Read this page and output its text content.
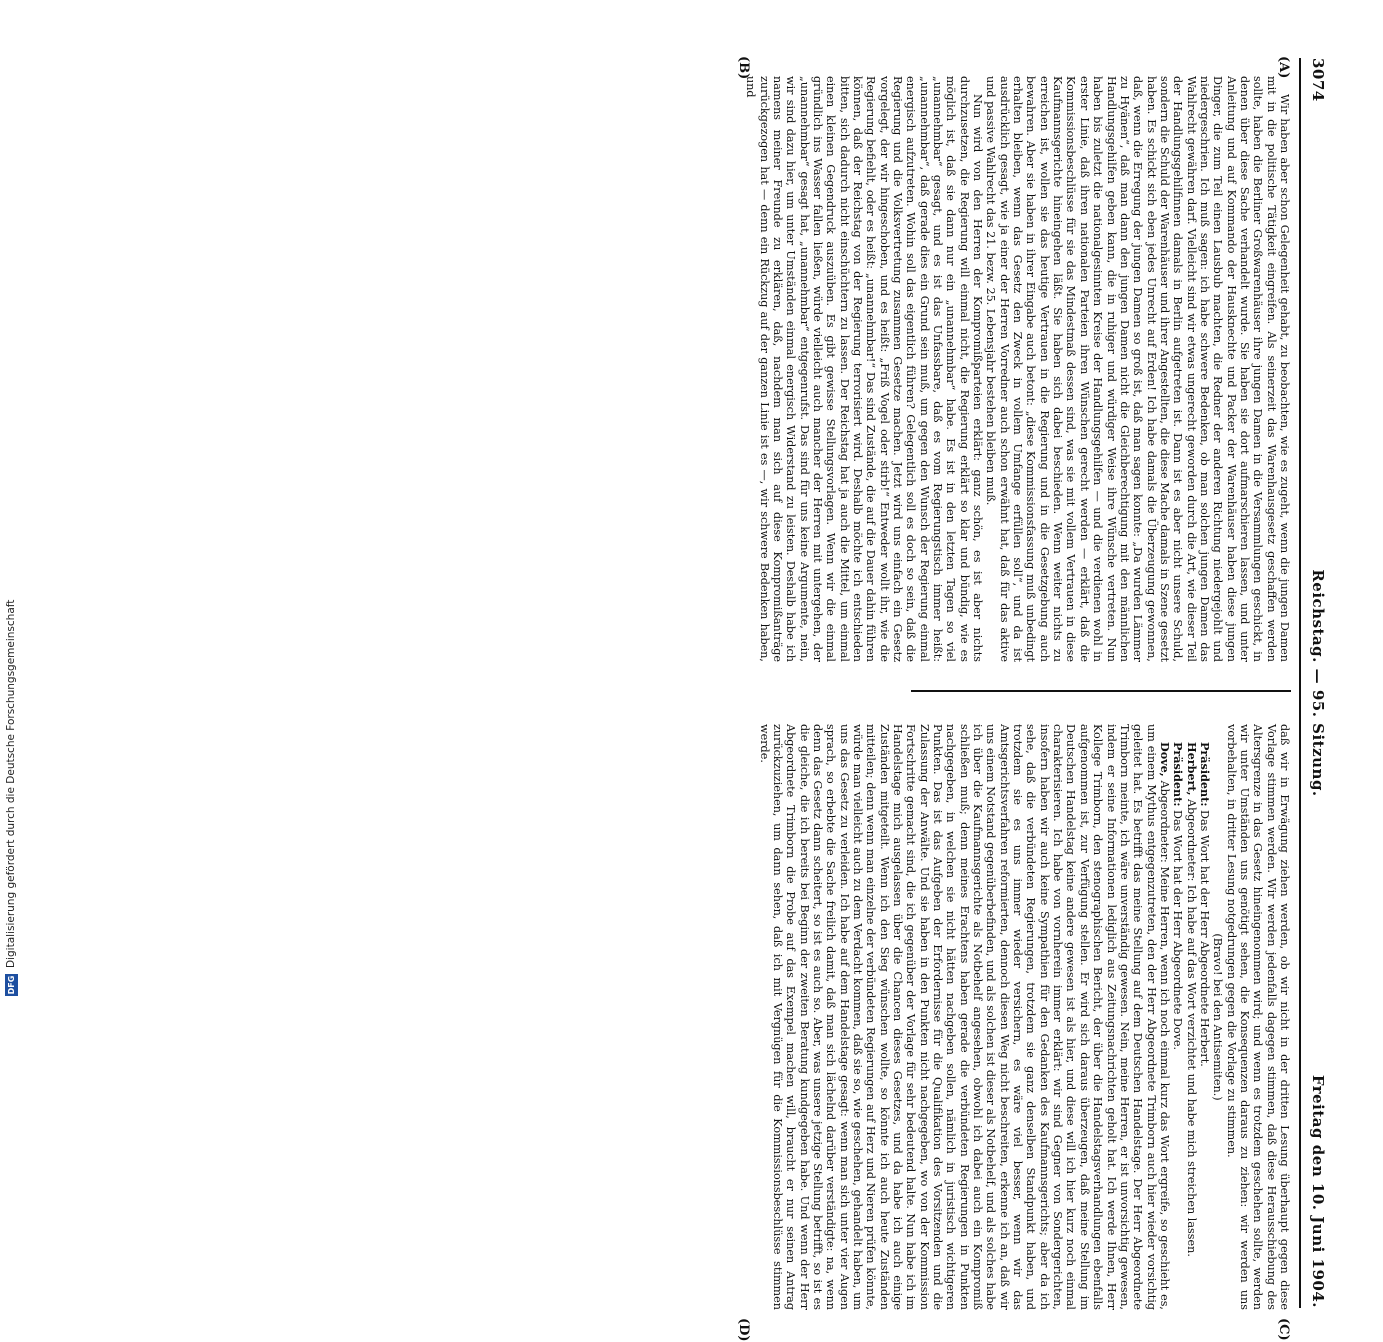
3074
Reichstag. — 95. Sitzung.
Freitag den 10. Juni 1904.
(A)
(B)
(C)
(D)

Wir haben aber schon Gelegenheit gehabt, zu beobachten, wie es zugeht, wenn die jungen Damen mit in die politische Tätigkeit eingreifen. Als seinerzeit das Warenhausgesetz geschaffen werden sollte, haben die Berliner Großwarenhäuser ihre jungen Damen in die Versammlungen geschickt, in denen über diese Sache verhandelt wurde. Sie haben sie dort aufmarschieren lassen, und unter Anleitung und auf Kommando der Hausknechte und Packer der Warenhäuser haben diese jungen Dinger, die zum Teil einen Lausbub machten, die Redner der anderen Richtung niedergejohlt und niedergeschrien. Ich muß sagen: ich habe schwere Bedenken, ob man solchen jungen Damen das Wahlrecht gewähren darf. Vielleicht sind wir etwas ungerecht geworden durch die Art, wie dieser Teil der Handlungsgehilfinnen damals in Berlin aufgetreten ist. Dann ist es aber nicht unsere Schuld, sondern die Schuld der Warenhäuser und ihrer Angestellten, die diese Mache damals in Szene gesetzt haben. Es schickt sich eben jedes Unrecht auf Erden! Ich habe damals die Überzeugung gewonnen, daß, wenn die Erregung der jungen Damen so groß ist, daß man sagen konnte: „Da wurden Lämmer zu Hyänen“, daß man dann den jungen Damen nicht die Gleichberechtigung mit den männlichen Handlungsgehilfen geben kann, die in ruhiger und würdiger Weise ihre Wünsche vertreten. Nun haben bis zuletzt die nationalgesinnten Kreise der Handlungsgehilfen — und die verdienen wohl in erster Linie, daß ihren nationalen Parteien ihren Wünschen gerecht werden — erklärt, daß die Kommissionsbeschlüsse für sie das Mindestmaß dessen sind, was sie mit vollem Vertrauen in diese Kaufmannsgerichte hineingehen läßt. Sie haben sich dabei beschieden. Wenn weiter nichts zu erreichen ist, wollen sie das heutige Vertrauen in die Regierung und in die Gesetzgebung auch bewahren. Aber sie haben in ihrer Eingabe auch betont: „diese Kommissionsfassung muß unbedingt erhalten bleiben, wenn das Gesetz den Zweck in vollem Umfange erfüllen soll“, und da ist ausdrücklich gesagt, wie ja einer der Herren Vorredner auch schon erwähnt hat, daß für das aktive und passive Wahlrecht das 21. bezw. 25. Lebensjahr bestehen bleiben muß.

Nun wird von den Herren der Kompromißparteien erklärt: ganz schön, es ist aber nichts durchzusetzen, die Regierung will einmal nicht, die Regierung erklärt so klar und bündig, wie es möglich ist, daß sie dann nur ein „unannehmbar“ habe. Es ist in den letzten Tagen so viel „unannehmbar“ gesagt, und es ist das Unfassbare, daß es vom Regierungstisch immer heißt: „unannehmbar“, daß gerade dies ein Grund sein muß, um gegen den Wunsch der Regierung einmal energisch aufzutreten. Wohin soll das eigentlich führen? Gelegentlich soll es doch so sein, daß die Regierung und die Volksvertretung zusammen Gesetze machen. Jetzt wird uns einfach ein Gesetz vorgelegt, der wir hingeschoben, und es heißt: „Friß Vogel oder stirb!“ Entweder wollt ihr, wie die Regierung befiehlt, oder es heißt: „unannehmbar!“ Das sind Zustände, die auf die Dauer dahin führen können, daß der Reichstag von der Regierung terrorisiert wird. Deshalb möchte ich entschieden bitten, sich dadurch nicht einschüchtern zu lassen. Der Reichstag hat ja auch die Mittel, um einmal einen kleinen Gegendruck auszuüben. Es gibt gewisse Stellungsvorlagen. Wenn wir die einmal gründlich ins Wasser fallen ließen, würde vielleicht auch mancher der Herren mit untergehen, der „unannehmbar“ gesagt hat, „unannehmbar“ entgegenrufst. Das sind für uns keine Argumente, nein, wir sind dazu hier, um unter Umständen einmal energisch Widerstand zu leisten. Deshalb habe ich namens meiner Freunde zu erklären, daß, nachdem man sich auf diese Kompromißanträge zurückgezogen hat — denn ein Rückzug auf der ganzen Linie ist es —, wir schwere Bedenken haben, und

daß wir in Erwägung ziehen werden, ob wir nicht in der dritten Lesung überhaupt gegen diese Vorlage stimmen werden. Wir werden jedenfalls dagegen stimmen, daß diese Herausschiebung des Altersgrenze in das Gesetz hineingenommen wird; und wenn es trotzdem geschehen sollte, werden wir unter Umständen uns genötigt sehen, die Konsequenzen daraus zu ziehen: wir werden uns vorbehalten, in dritter Lesung notgedrungen gegen die Vorlage zu stimmen.

(Bravo! bei den Antisemiten.)

Präsident: Das Wort hat der Herr Abgeordnete Herbert.

Herbert, Abgeordneter: Ich habe auf das Wort verzichtet und habe mich streichen lassen.

Präsident: Das Wort hat der Herr Abgeordnete Dove.

Dove, Abgeordneter: Meine Herren, wenn ich noch einmal kurz das Wort ergreife, so geschieht es, um einem Mythus entgegenzutreten, den der Herr Abgeordnete Trimborn auch hier wieder vorsichtig geleitet hat. Es betrifft das meine Stellung auf dem Deutschen Handelstage. Der Herr Abgeordnete Trimborn meinte, ich wäre unverständig gewesen. Nein, meine Herren, er ist unvorsichtig gewesen, indem er seine Informationen lediglich aus Zeitungsnachrichten geholt hat. Ich werde Ihnen, Herr Kollege Trimborn, den stenographischen Bericht, der über die Handelstagsverhandlungen ebenfalls aufgenommen ist, zur Verfügung stellen. Er wird sich daraus überzeugen, daß meine Stellung im Deutschen Handelstag keine andere gewesen ist als hier, und diese will ich hier kurz noch einmal charakterisieren. Ich habe von vornherein immer erklärt: wir sind Gegner von Sondergerichten, insofern haben wir auch keine Sympathien für den Gedanken des Kaufmannsgerichts; aber da ich sehe, daß die verbündeten Regierungen, trotzdem sie ganz denselben Standpunkt haben, und trotzdem sie es uns immer wieder versichern, es wäre viel besser, wenn wir das Amtsgerichtsverfahren reformierten, dennoch diesen Weg nicht beschreiten, erkenne ich an, daß wir uns einem Notstand gegenüberbefinden, und als solchen ist dieser als Notbehelf, und als solches habe ich über die Kaufmannsgerichte als Notbehelf angesehen, obwohl ich dabei auch ein Kompromiß schließen muß; denn meines Erachtens haben gerade die verbündeten Regierungen in Punkten nachgegeben, in welchen sie nicht hätten nachgeben sollen, nämlich in juristisch wichtigeren Punkten. Das ist das Aufgeben der Erfordernisse für die Qualifikation des Vorsitzenden und die Zulassung der Anwälte. Und sie haben in den Punkten nicht nachgegeben, wo von der Kommission Fortschritte gemacht sind, die ich gegenüber der Vorlage für sehr bedeutend halte. Nun habe ich im Handelstage mich ausgelassen über die Chancen dieses Gesetzes, und da habe ich auch einige Zuständen mitgeteilt. Wenn ich den Sieg wünschen wollte, so könnte ich auch heute Zuständen mitteilen; denn wenn man einzelne der verbündeten Regierungen auf Herz und Nieren prüfen könnte, würde man vielleicht auch zu dem Verdacht kommen, daß sie so, wie geschehen, gehandelt haben, um uns das Gesetz zu verleiden. Ich habe auf dem Handelstage gesagt: wenn man sich unter vier Augen sprach, so erbebte die Sache freilich damit, daß man sich lächelnd darüber verständigte: na, wenn denn das Gesetz dann scheitert, so ist es auch so. Aber, was unsere jetzige Stellung betrifft, so ist es die gleiche, die ich bereits bei Beginn der zweiten Beratung kundgegeben habe. Und wenn der Herr Abgeordnete Trimborn die Probe auf das Exempel machen will, braucht er nur seinen Antrag zurückzuziehen, um dann sehen, daß ich mit Vergnügen für die Kommissionsbeschlüsse stimmen werde.

DFG
Digitalisierung gefördert durch die Deutsche Forschungsgemeinschaft
